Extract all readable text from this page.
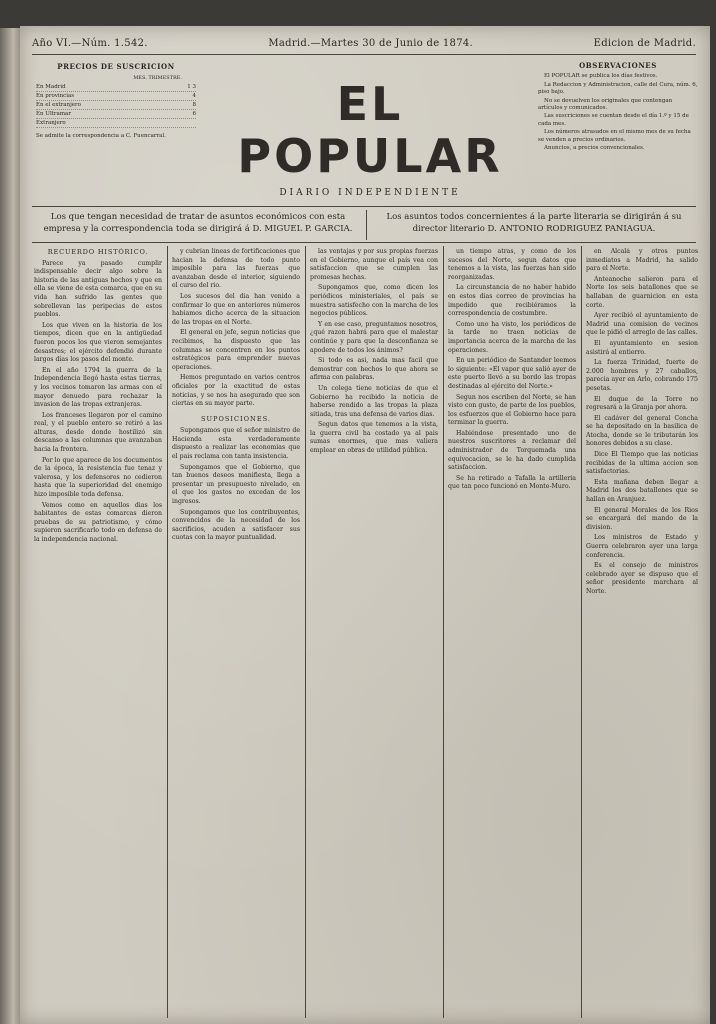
Año VI.—Núm. 1.542.	Madrid.—Martes 30 de Junio de 1874.	Edicion de Madrid.
PRECIOS DE SUSCRICION
MES. TRIMESTRE.
En Madrid	1 3
En provincias	4
En el extranjero	8
En Ultramar	6
Extranjero
Se admite la correspondencia a C. Fuencarral.
EL POPULAR
DIARIO INDEPENDIENTE
OBSERVACIONES
El POPULAR se publica los días festivos.
La Redaccion y Administracion, calle del Cura, núm. 6, piso bajo.
No se devuelven los originales que contengan artículos y comunicados.
Las suscriciones se cuentan desde el día 1.º y 15 de cada mes.
Los números atrasados en el mismo mes de su fecha se venden a precios ordinarios.
Anuncios, a precios convencionales.
Los que tengan necesidad de tratar de asuntos económicos con esta empresa y la correspondencia toda se dirigirá á D. MIGUEL P. GARCIA.
Los asuntos todos concernientes á la parte literaria se dirigirán á su director literario D. ANTONIO RODRIGUEZ PANIAGUA.
RECUERDO HISTÓRICO.

Parece ya pasado cumplir indispensable decir algo sobre la historia de las antiguas hechos y que en ella se viene de esta comarca, que en su vida han sufrido las gentes que sobrellevan las peripecias de estos pueblos.

Los que viven en la historia de los tiempos, dicen que en la antigüedad fueron pocos los que vieron semejantes desastres; el ejército defendió durante largos días los pasos del monte.

En el año 1794 la guerra de la Independencia llegó hasta estas tierras, y los vecinos tomaron las armas con el mayor denuedo para rechazar la invasion de las tropas extranjeras.

Los franceses llegaron por el camino real, y el pueblo entero se retiró a las alturas, desde donde hostilizó sin descanso a las columnas que avanzaban hacia la frontera.

Por lo que aparece de los documentos de la época, la resistencia fue tenaz y valerosa, y los defensores no cedieron hasta que la superioridad del enemigo hizo imposible toda defensa.

Vemos como en aquellos dias los habitantes de estas comarcas dieron pruebas de su patriotismo, y cómo supieron sacrificarlo todo en defensa de la independencia nacional.

y cubrían lineas de fortificaciones que hacian la defensa de todo punto imposible para las fuerzas que avanzaban desde el interior, siguiendo el curso del rio.

Los sucesos del dia han venido a confirmar lo que en anteriores números habiamos dicho acerca de la situacion de las tropas en el Norte.

El general en jefe, segun noticias que recibimos, ha dispuesto que las columnas se concentren en los puntos estratégicos para emprender nuevas operaciones.

Hemos preguntado en varios centros oficiales por la exactitud de estas noticias, y se nos ha asegurado que son ciertas en su mayor parte.

SUPOSICIONES.

Supongamos que el señor ministro de Hacienda esta verdaderamente dispuesto a realizar las economias que el pais reclama con tanta insistencia.

Supongamos que el Gobierno, que tan buenos deseos manifiesta, llega a presentar un presupuesto nivelado, en el que los gastos no excedan de los ingresos.

Supongamos que los contribuyentes, convencidos de la necesidad de los sacrificios, acuden a satisfacer sus cuotas con la mayor puntualidad.

las ventajas y por sus propias fuerzas en el Gobierno, aunque el país vea con satisfaccion que se cumplen las promesas hechas.

Supongamos que, como dicen los periódicos ministeriales, el país se muestra satisfecho con la marcha de los negocios públicos.

Y en ese caso, preguntamos nosotros, ¿qué razon habrá para que el malestar continúe y para que la desconfianza se apodere de todos los ánimos?

Si todo es asi, nada mas facil que demostrar con hechos lo que ahora se afirma con palabras.

Un colega tiene noticias de que el Gobierno ha recibido la noticia de haberse rendido a las tropas la plaza sitiada, tras una defensa de varios dias.

Segun datos que tenemos a la vista, la guerra civil ha costado ya al pais sumas enormes, que mas valiera emplear en obras de utilidad pública.

un tiempo atras, y como de los sucesos del Norte, segun datos que tenemos a la vista, las fuerzas han sido reorganizadas.

La circunstancia de no haber habido en estos dias correo de provincias ha impedido que recibiéramos la correspondencia de costumbre.

Como uno ha visto, los periódicos de la tarde no traen noticias de importancia acerca de la marcha de las operaciones.

En un periódico de Santander leemos lo siguiente: «El vapor que salió ayer de este puerto llevó a su bordo las tropas destinadas al ejército del Norte.»

Segun nos escriben del Norte, se han visto con gusto, de parte de los pueblos, los esfuerzos que el Gobierno hace para terminar la guerra.

Habiéndose presentado uno de nuestros suscritores a reclamar del administrador de Torquemada una equivocacion, se le ha dado cumplida satisfaccion.

Se ha retirado a Tafalla la artilleria que tan poco funcionó en Monte-Muro.

en Alcalá y otros puntos inmediatos a Madrid, ha salido para el Norte.

Anteanoche salieron para el Norte los seis batallones que se hallaban de guarnicion en esta corte.

Ayer recibió el ayuntamiento de Madrid una comision de vecinos que le pidió el arreglo de las calles.

El ayuntamiento en sesion asistirá al entierro.

La fuerza Trinidad, fuerte de 2.000 hombres y 27 caballos, parecia ayer en Arlo, cobrando 175 pesetas.

El duque de la Torre no regresará a la Granja por ahora.

El cadáver del general Concha se ha depositado en la basilica de Atocha, donde se le tributarán los honores debidos a su clase.

Dice El Tiempo que las noticias recibidas de la ultima accion son satisfactorias.

Esta mañana deben llegar a Madrid los dos batallones que se hallan en Aranjuez.

El general Morales de los Rios se encargará del mando de la division.

Los ministros de Estado y Guerra celebraron ayer una larga conferencia.

Es el consejo de ministros celebrado ayer se dispuso que el señor presidente marchara al Norte.
